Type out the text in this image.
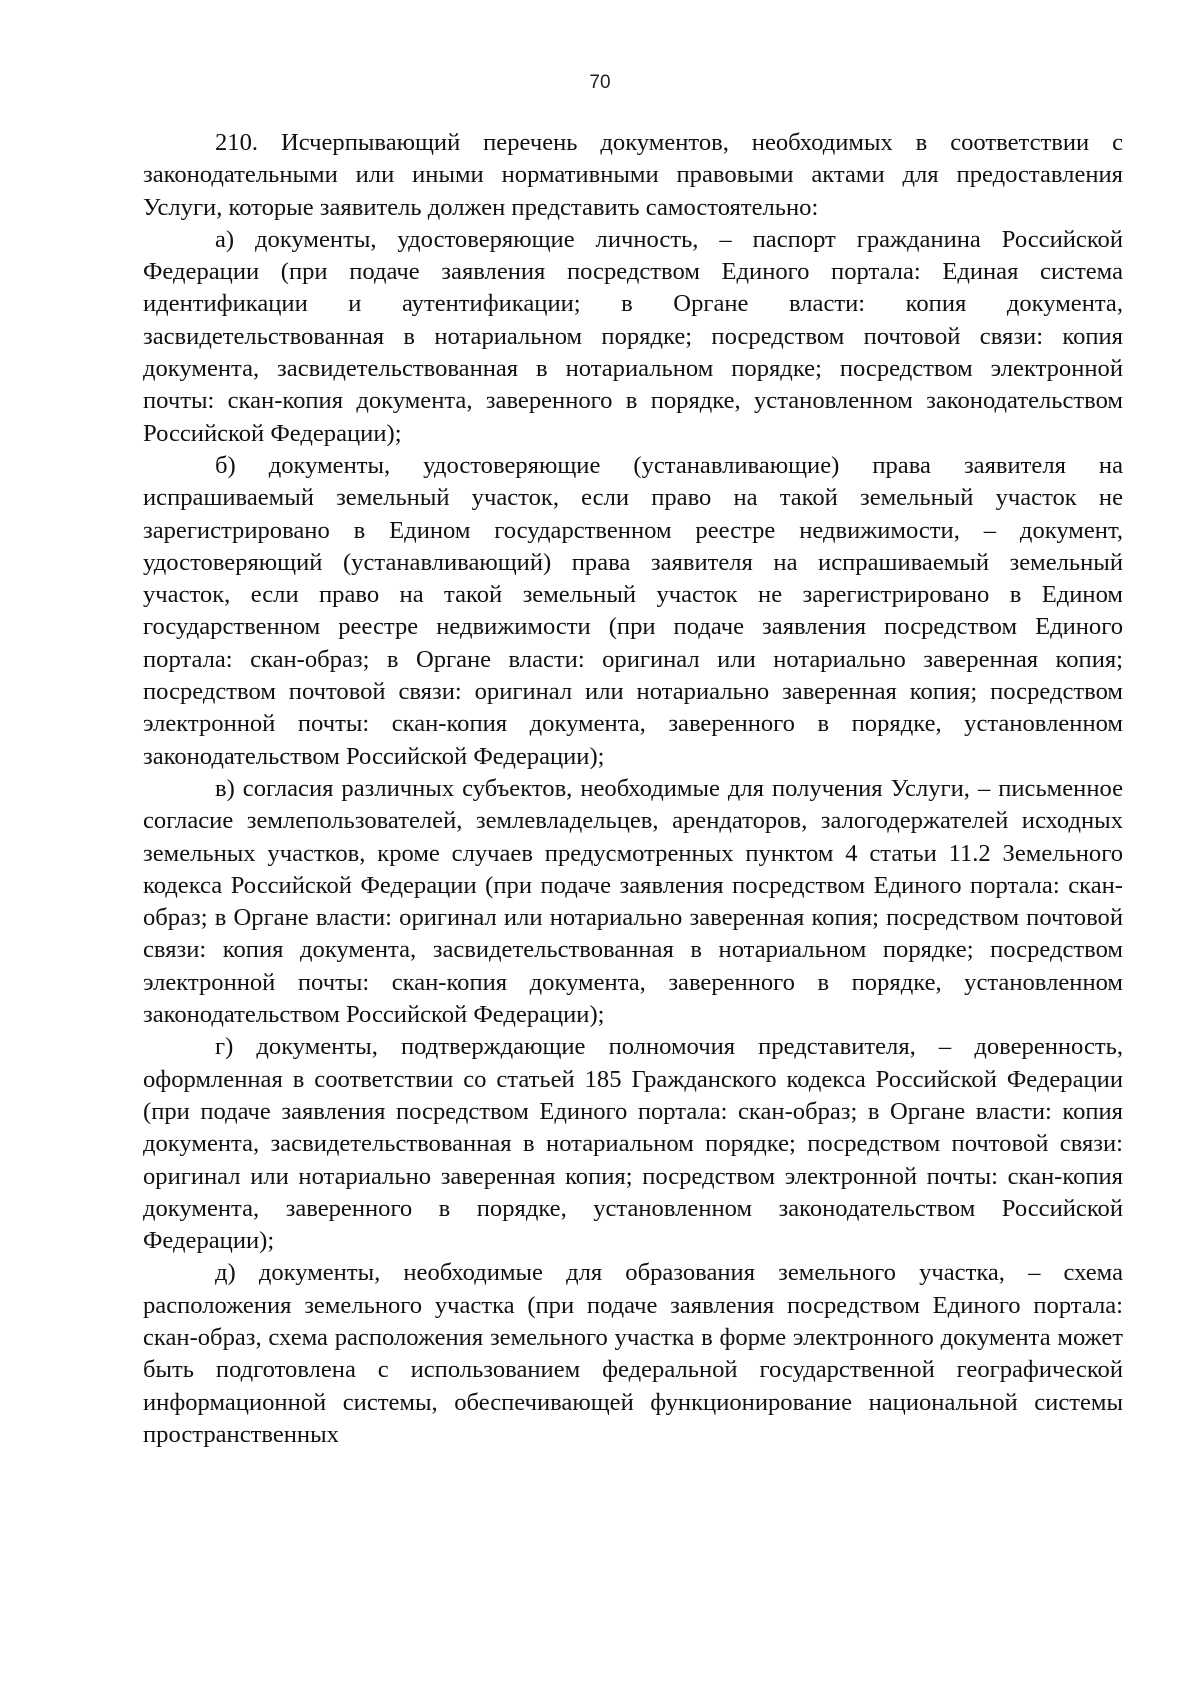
70

210. Исчерпывающий перечень документов, необходимых в соответствии с законодательными или иными нормативными правовыми актами для предоставления Услуги, которые заявитель должен представить самостоятельно:

а) документы, удостоверяющие личность, – паспорт гражданина Российской Федерации (при подаче заявления посредством Единого портала: Единая система идентификации и аутентификации; в Органе власти: копия документа, засвидетельствованная в нотариальном порядке; посредством почтовой связи: копия документа, засвидетельствованная в нотариальном порядке; посредством электронной почты: скан-копия документа, заверенного в порядке, установленном законодательством Российской Федерации);

б) документы, удостоверяющие (устанавливающие) права заявителя на испрашиваемый земельный участок, если право на такой земельный участок не зарегистрировано в Едином государственном реестре недвижимости, – документ, удостоверяющий (устанавливающий) права заявителя на испрашиваемый земельный участок, если право на такой земельный участок не зарегистрировано в Едином государственном реестре недвижимости (при подаче заявления посредством Единого портала: скан-образ; в Органе власти: оригинал или нотариально заверенная копия; посредством почтовой связи: оригинал или нотариально заверенная копия; посредством электронной почты: скан-копия документа, заверенного в порядке, установленном законодательством Российской Федерации);

в) согласия различных субъектов, необходимые для получения Услуги, – письменное согласие землепользователей, землевладельцев, арендаторов, залогодержателей исходных земельных участков, кроме случаев предусмотренных пунктом 4 статьи 11.2 Земельного кодекса Российской Федерации (при подаче заявления посредством Единого портала: скан-образ; в Органе власти: оригинал или нотариально заверенная копия; посредством почтовой связи: копия документа, засвидетельствованная в нотариальном порядке; посредством электронной почты: скан-копия документа, заверенного в порядке, установленном законодательством Российской Федерации);

г) документы, подтверждающие полномочия представителя, – доверенность, оформленная в соответствии со статьей 185 Гражданского кодекса Российской Федерации (при подаче заявления посредством Единого портала: скан-образ; в Органе власти: копия документа, засвидетельствованная в нотариальном порядке; посредством почтовой связи: оригинал или нотариально заверенная копия; посредством электронной почты: скан-копия документа, заверенного в порядке, установленном законодательством Российской Федерации);

д) документы, необходимые для образования земельного участка, – схема расположения земельного участка (при подаче заявления посредством Единого портала: скан-образ, схема расположения земельного участка в форме электронного документа может быть подготовлена с использованием федеральной государственной географической информационной системы, обеспечивающей функционирование национальной системы пространственных
